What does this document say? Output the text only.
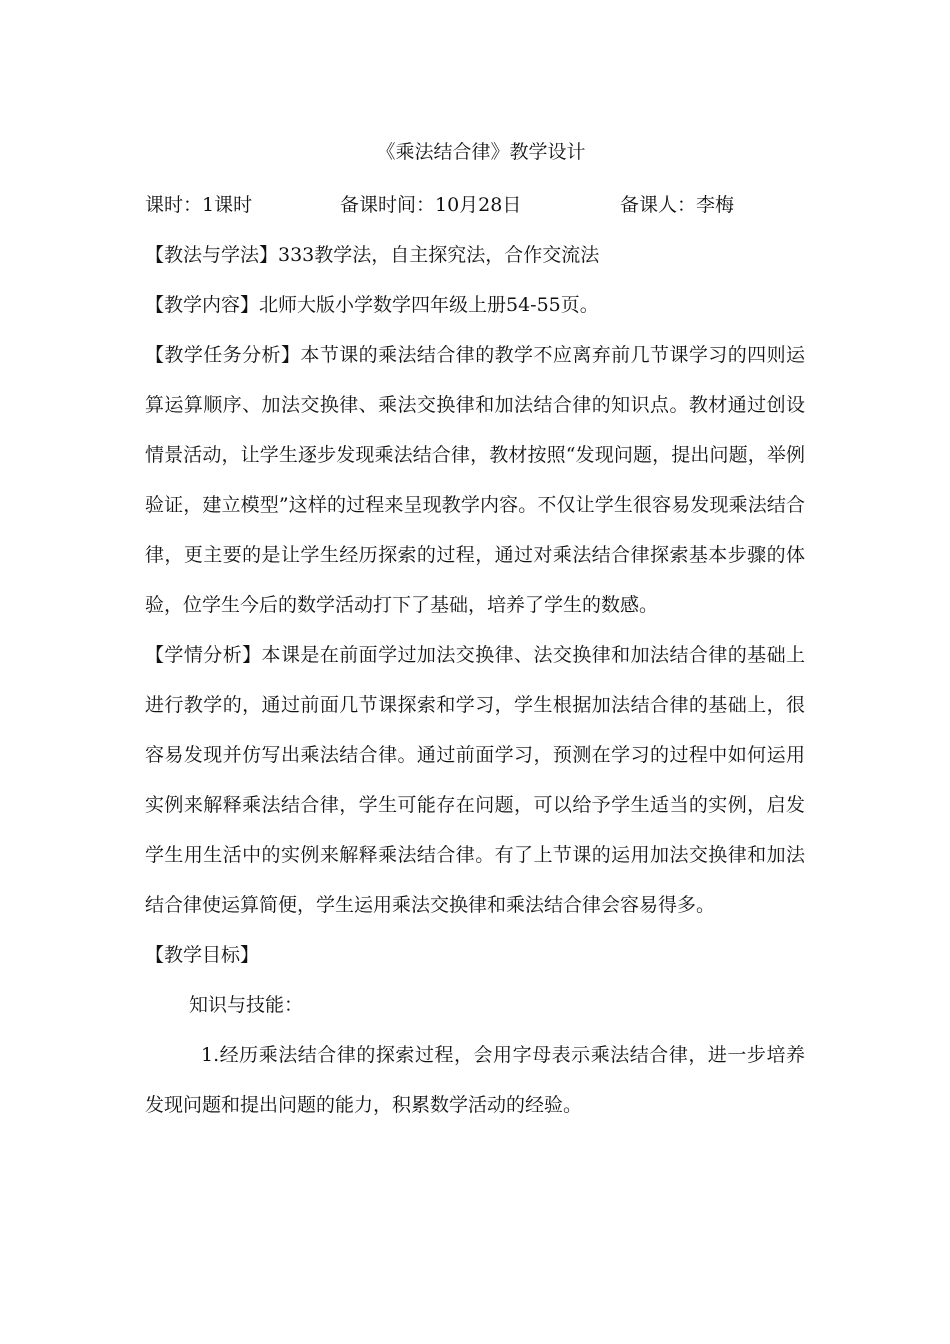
《乘法结合律》教学设计
课时：1课时	备课时间：10月28日	备课人：李梅

【教法与学法】333教学法，自主探究法，合作交流法

【教学内容】北师大版小学数学四年级上册54-55页。

【教学任务分析】本节课的乘法结合律的教学不应离弃前几节课学习的四则运算运算顺序、加法交换律、乘法交换律和加法结合律的知识点。教材通过创设情景活动，让学生逐步发现乘法结合律，教材按照“发现问题，提出问题，举例验证，建立模型”这样的过程来呈现教学内容。不仅让学生很容易发现乘法结合律，更主要的是让学生经历探索的过程，通过对乘法结合律探索基本步骤的体验，位学生今后的数学活动打下了基础，培养了学生的数感。

【学情分析】本课是在前面学过加法交换律、法交换律和加法结合律的基础上进行教学的，通过前面几节课探索和学习，学生根据加法结合律的基础上，很容易发现并仿写出乘法结合律。通过前面学习，预测在学习的过程中如何运用实例来解释乘法结合律，学生可能存在问题，可以给予学生适当的实例，启发学生用生活中的实例来解释乘法结合律。有了上节课的运用加法交换律和加法结合律使运算简便，学生运用乘法交换律和乘法结合律会容易得多。

【教学目标】

知识与技能：

1.经历乘法结合律的探索过程，会用字母表示乘法结合律，进一步培养发现问题和提出问题的能力，积累数学活动的经验。
